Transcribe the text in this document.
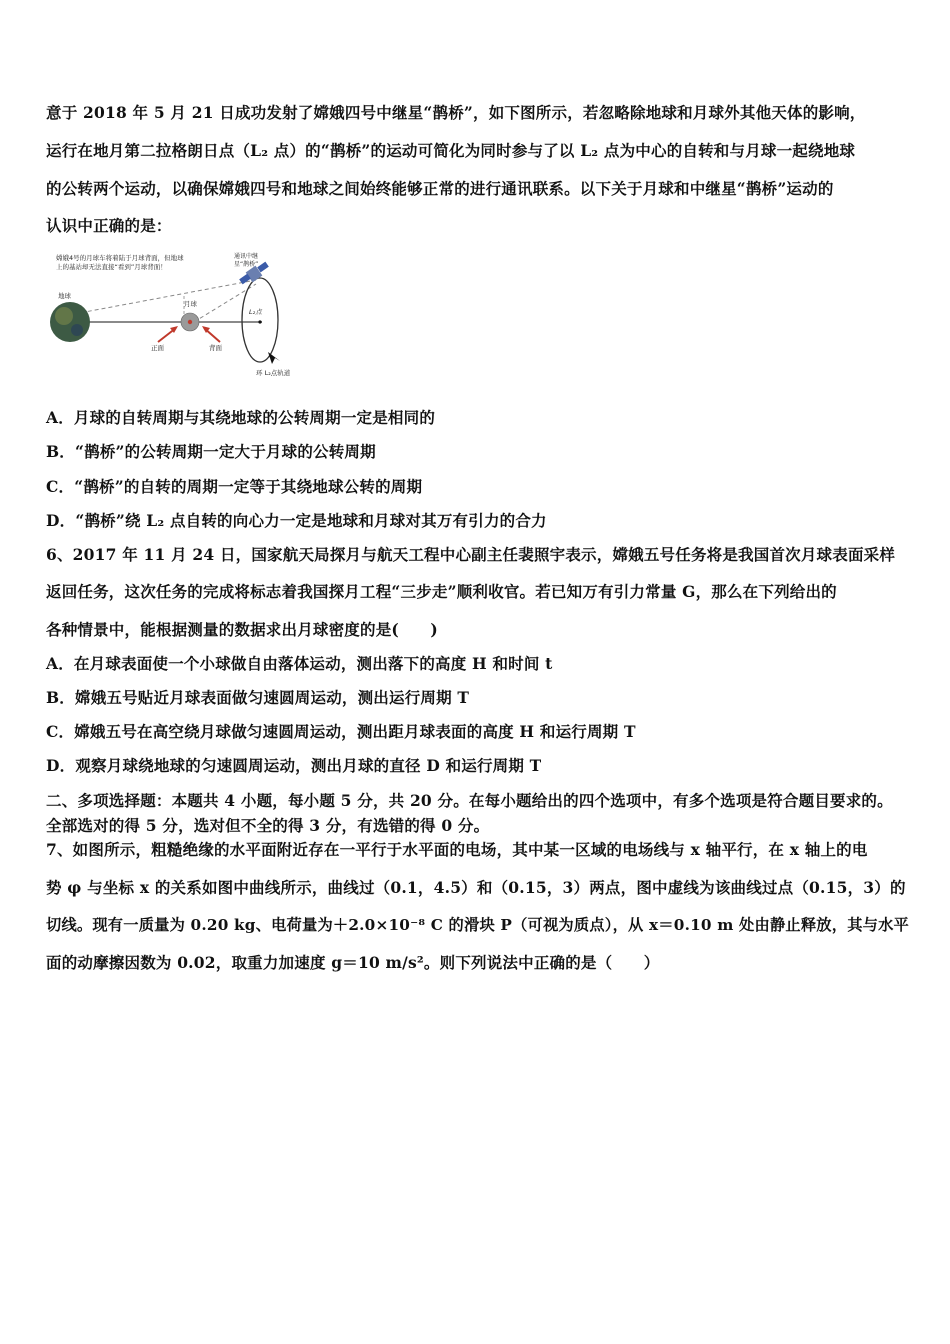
意于 2018 年 5 月 21 日成功发射了嫦娥四号中继星“鹊桥”，如下图所示，若忽略除地球和月球外其他天体的影响，
运行在地月第二拉格朗日点（L₂ 点）的“鹊桥”的运动可简化为同时参与了以 L₂ 点为中心的自转和与月球一起绕地球
的公转两个运动，以确保嫦娥四号和地球之间始终能够正常的进行通讯联系。以下关于月球和中继星“鹊桥”运动的
认识中正确的是：
嫦娥4号的月球车将着陆于月球背面，但地球
上的基站却无法直接“看到”月球背面！
通讯中继
星“鹊桥”
地球
月球
正面	背面
L₂点
环 L₂点轨道
A．月球的自转周期与其绕地球的公转周期一定是相同的
B．“鹊桥”的公转周期一定大于月球的公转周期
C．“鹊桥”的自转的周期一定等于其绕地球公转的周期
D．“鹊桥”绕 L₂ 点自转的向心力一定是地球和月球对其万有引力的合力
6、2017 年 11 月 24 日，国家航天局探月与航天工程中心副主任裴照宇表示，嫦娥五号任务将是我国首次月球表面采样
返回任务，这次任务的完成将标志着我国探月工程“三步走”顺利收官。若已知万有引力常量 G，那么在下列给出的
各种情景中，能根据测量的数据求出月球密度的是(　　)
A．在月球表面使一个小球做自由落体运动，测出落下的高度 H 和时间 t
B．嫦娥五号贴近月球表面做匀速圆周运动，测出运行周期 T
C．嫦娥五号在高空绕月球做匀速圆周运动，测出距月球表面的高度 H 和运行周期 T
D．观察月球绕地球的匀速圆周运动，测出月球的直径 D 和运行周期 T
二、多项选择题：本题共 4 小题，每小题 5 分，共 20 分。在每小题给出的四个选项中，有多个选项是符合题目要求的。
全部选对的得 5 分，选对但不全的得 3 分，有选错的得 0 分。
7、如图所示，粗糙绝缘的水平面附近存在一平行于水平面的电场，其中某一区域的电场线与 x 轴平行，在 x 轴上的电
势 φ 与坐标 x 的关系如图中曲线所示，曲线过（0.1，4.5）和（0.15，3）两点，图中虚线为该曲线过点（0.15，3）的
切线。现有一质量为 0.20 kg、电荷量为＋2.0×10⁻⁸ C 的滑块 P（可视为质点），从 x＝0.10 m 处由静止释放，其与水平
面的动摩擦因数为 0.02，取重力加速度 g＝10 m/s²。则下列说法中正确的是（　　）
